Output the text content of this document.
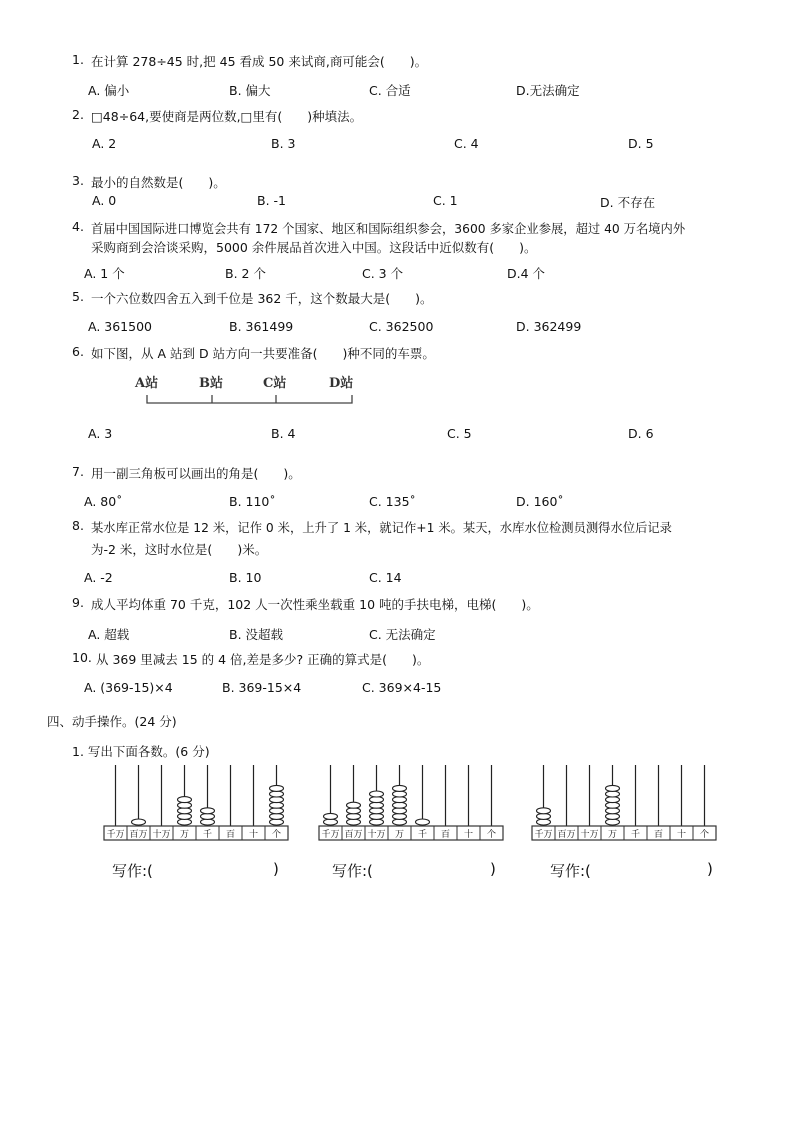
1. 在计算 278÷45 时,把 45 看成 50 来试商,商可能会(　　)。
A. 偏小	B. 偏大	C. 合适	D.无法确定
2. □48÷64,要使商是两位数,□里有(　　)种填法。
A. 2	B. 3	C. 4	D. 5
3. 最小的自然数是(　　)。
A. 0	B. -1	C. 1	D. 不存在
4. 首届中国国际进口博览会共有 172 个国家、地区和国际组织参会，3600 多家企业参展，超过 40 万名境内外
采购商到会洽谈采购，5000 余件展品首次进入中国。这段话中近似数有(　　)。
A. 1 个	B. 2 个	C. 3 个	D.4 个
5. 一个六位数四舍五入到千位是 362 千，这个数最大是(　　)。
A. 361500	B. 361499	C. 362500	D. 362499
6. 如下图，从 A 站到 D 站方向一共要准备(　　)种不同的车票。
A站	B站	C站	D站
A. 3	B. 4	C. 5	D. 6
7. 用一副三角板可以画出的角是(　　)。
A. 80˚	B. 110˚	C. 135˚	D. 160˚
8. 某水库正常水位是 12 米，记作 0 米，上升了 1 米，就记作+1 米。某天，水库水位检测员测得水位后记录
为-2 米，这时水位是(　　)米。
A. -2	B. 10	C. 14
9. 成人平均体重 70 千克，102 人一次性乘坐载重 10 吨的手扶电梯，电梯(　　)。
A. 超载	B. 没超载	C. 无法确定
10. 从 369 里减去 15 的 4 倍,差是多少? 正确的算式是(　　)。
A. (369-15)×4	B. 369-15×4	C. 369×4-15
四、动手操作。(24 分)
1. 写出下面各数。(6 分)
千万 百万 十万 万 千 百 十 个	千万 百万 十万 万 千 百 十 个	千万 百万 十万 万 千 百 十 个
写作:(	)	写作:(	)	写作:(	)
